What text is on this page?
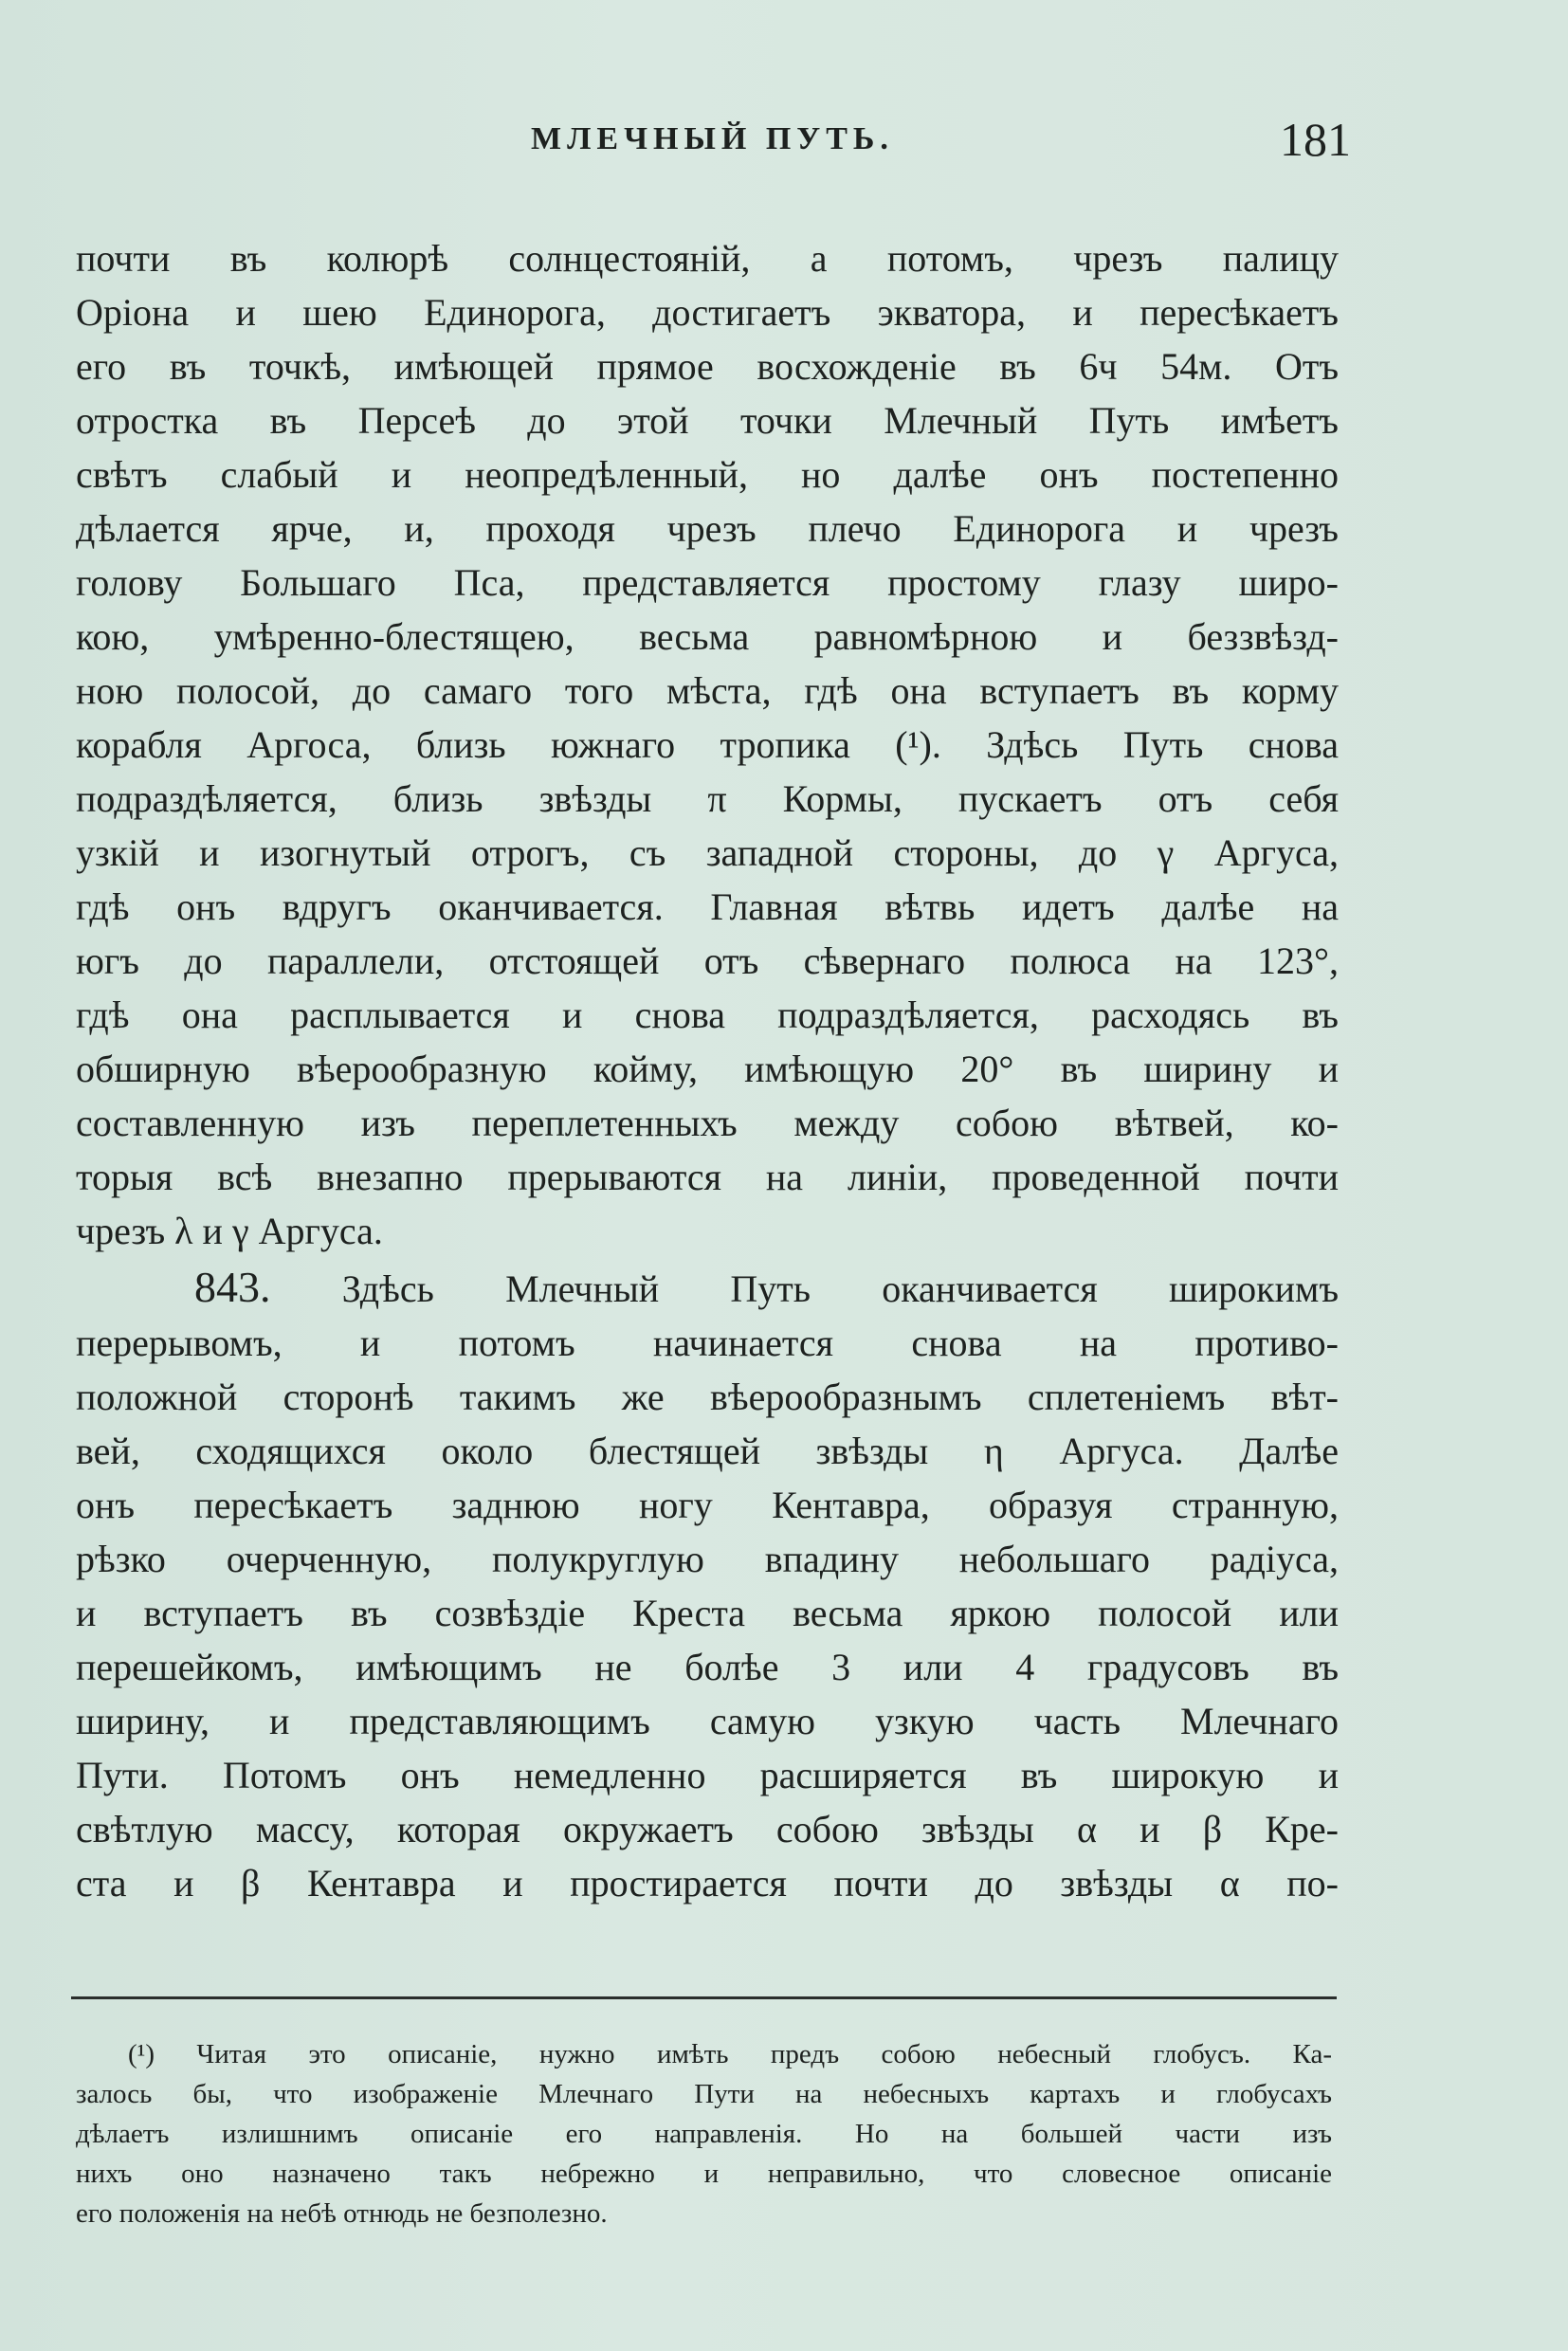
МЛЕЧНЫЙ ПУТЬ.	181
почти въ колюрѣ солнцестояній, а потомъ, чрезъ палицу
Оріона и шею Единорога, достигаетъ экватора, и пересѣкаетъ
его въ точкѣ, имѣющей прямое восхожденіе въ 6ч 54м. Отъ
отростка въ Персеѣ до этой точки Млечный Путь имѣетъ
свѣтъ слабый и неопредѣленный, но далѣе онъ постепенно
дѣлается ярче, и, проходя чрезъ плечо Единорога и чрезъ
голову Большаго Пса, представляется простому глазу широ-
кою, умѣренно-блестящею, весьма равномѣрною и беззвѣзд-
ною полосой, до самаго того мѣста, гдѣ она вступаетъ въ корму
корабля Аргоса, близь южнаго тропика (¹). Здѣсь Путь снова
подраздѣляется, близь звѣзды π Кормы, пускаетъ отъ себя
узкій и изогнутый отрогъ, съ западной стороны, до γ Аргуса,
гдѣ онъ вдругъ оканчивается. Главная вѣтвь идетъ далѣе на
югъ до параллели, отстоящей отъ сѣвернаго полюса на 123°,
гдѣ она расплывается и снова подраздѣляется, расходясь въ
обширную вѣерообразную койму, имѣющую 20° въ ширину и
составленную изъ переплетенныхъ между собою вѣтвей, ко-
торыя всѣ внезапно прерываются на линіи, проведенной почти
чрезъ λ и γ Аргуса.
843. Здѣсь Млечный Путь оканчивается широкимъ
перерывомъ, и потомъ начинается снова на противо-
положной сторонѣ такимъ же вѣерообразнымъ сплетеніемъ вѣт-
вей, сходящихся около блестящей звѣзды η Аргуса. Далѣе
онъ пересѣкаетъ заднюю ногу Кентавра, образуя странную,
рѣзко очерченную, полукруглую впадину небольшаго радіуса,
и вступаетъ въ созвѣздіе Креста весьма яркою полосой или
перешейкомъ, имѣющимъ не болѣе 3 или 4 градусовъ въ
ширину, и представляющимъ самую узкую часть Млечнаго
Пути. Потомъ онъ немедленно расширяется въ широкую и
свѣтлую массу, которая окружаетъ собою звѣзды α и β Кре-
ста и β Кентавра и простирается почти до звѣзды α по-
(¹) Читая это описаніе, нужно имѣть предъ собою небесный глобусъ. Ка-
залось бы, что изображеніе Млечнаго Пути на небесныхъ картахъ и глобусахъ
дѣлаетъ излишнимъ описаніе его направленія. Но на большей части изъ
нихъ оно назначено такъ небрежно и неправильно, что словесное описаніе
его положенія на небѣ отнюдь не безполезно.
